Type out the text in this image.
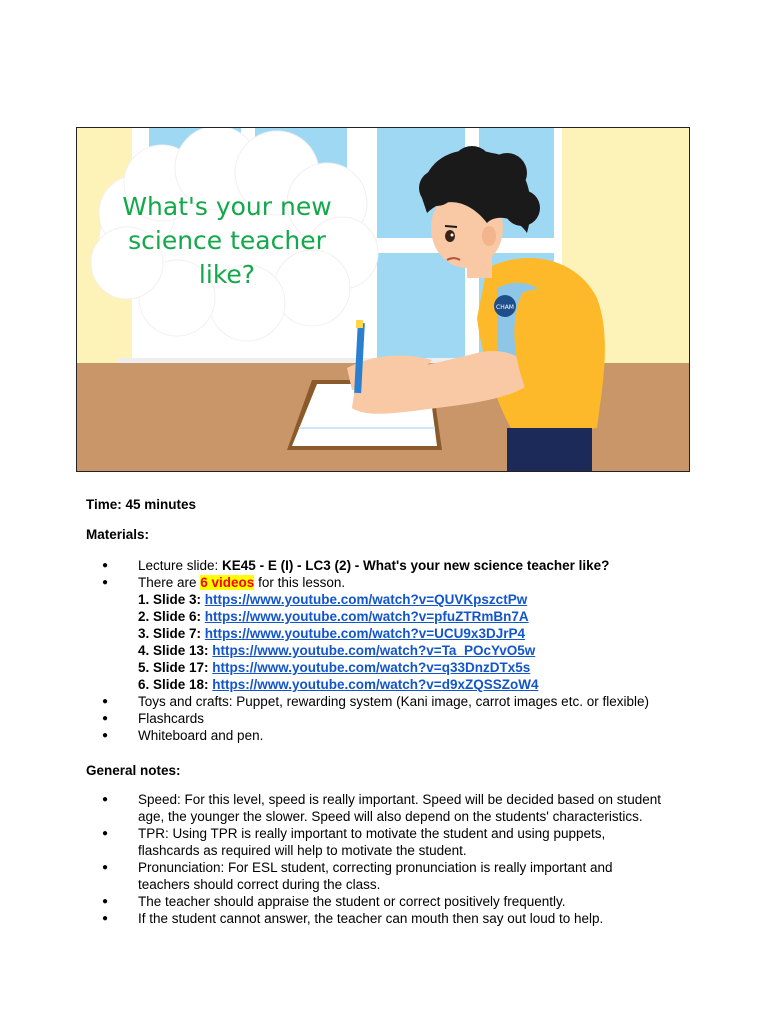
CHAM
What's your new science teacher like?
Time: 45 minutes
Materials:
● Lecture slide: KE45 - E (I) - LC3 (2) - What's your new science teacher like?
● There are 6 videos for this lesson.
1. Slide 3: https://www.youtube.com/watch?v=QUVKpszctPw
2. Slide 6: https://www.youtube.com/watch?v=pfuZTRmBn7A
3. Slide 7: https://www.youtube.com/watch?v=UCU9x3DJrP4
4. Slide 13: https://www.youtube.com/watch?v=Ta_POcYvO5w
5. Slide 17: https://www.youtube.com/watch?v=q33DnzDTx5s
6. Slide 18: https://www.youtube.com/watch?v=d9xZQSSZoW4
● Toys and crafts: Puppet, rewarding system (Kani image, carrot images etc. or flexible)
● Flashcards
● Whiteboard and pen.
General notes:
● Speed: For this level, speed is really important. Speed will be decided based on student age, the younger the slower. Speed will also depend on the students' characteristics.
● TPR: Using TPR is really important to motivate the student and using puppets, flashcards as required will help to motivate the student.
● Pronunciation: For ESL student, correcting pronunciation is really important and teachers should correct during the class.
● The teacher should appraise the student or correct positively frequently.
● If the student cannot answer, the teacher can mouth then say out loud to help.
